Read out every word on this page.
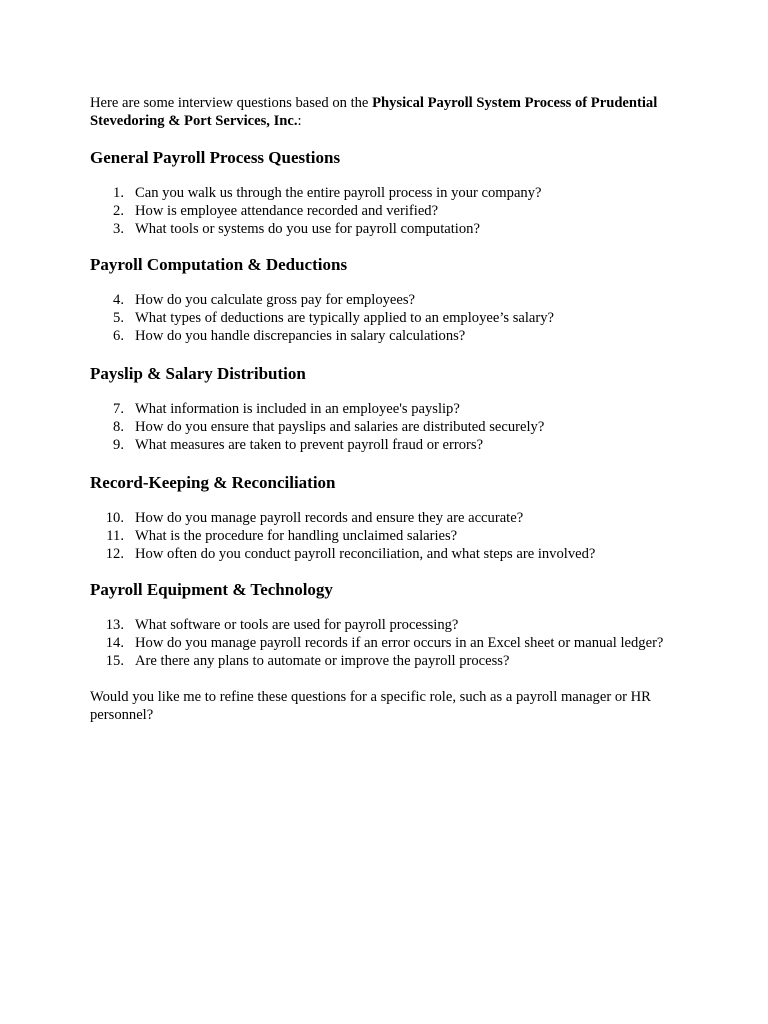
Here are some interview questions based on the Physical Payroll System Process of Prudential Stevedoring & Port Services, Inc.:

General Payroll Process Questions
1. Can you walk us through the entire payroll process in your company?
2. How is employee attendance recorded and verified?
3. What tools or systems do you use for payroll computation?
Payroll Computation & Deductions
4. How do you calculate gross pay for employees?
5. What types of deductions are typically applied to an employee’s salary?
6. How do you handle discrepancies in salary calculations?
Payslip & Salary Distribution
7. What information is included in an employee's payslip?
8. How do you ensure that payslips and salaries are distributed securely?
9. What measures are taken to prevent payroll fraud or errors?
Record-Keeping & Reconciliation
10. How do you manage payroll records and ensure they are accurate?
11. What is the procedure for handling unclaimed salaries?
12. How often do you conduct payroll reconciliation, and what steps are involved?
Payroll Equipment & Technology
13. What software or tools are used for payroll processing?
14. How do you manage payroll records if an error occurs in an Excel sheet or manual ledger?
15. Are there any plans to automate or improve the payroll process?

Would you like me to refine these questions for a specific role, such as a payroll manager or HR personnel?
